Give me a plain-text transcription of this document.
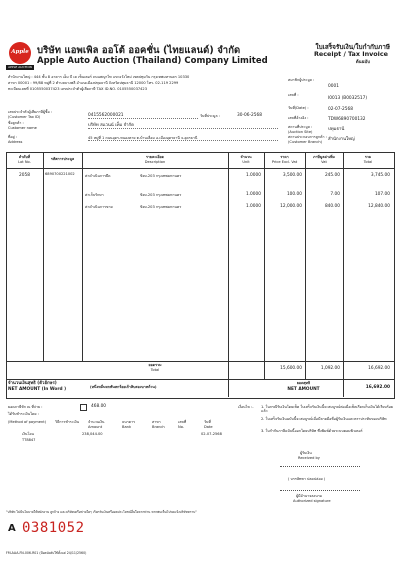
Apple
APPLE AUCTION
บริษัท แอพเพิล ออโต้ ออคชั่น (ไทยแลนด์) จำกัด
Apple Auto Auction (Thailand) Company Limited
ใบเสร็จรับเงิน/ใบกำกับภาษี
Receipt / Tax Invoice
ต้นฉบับ
สำนักงานใหญ่ : 444 ชั้น 8 อาคาร เอ็ม บี เค เซ็นเตอร์ ถนนพญาไท แขวงวังใหม่ เขตปทุมวัน กรุงเทพมหานคร 10330
สาขา 00001 : 99/88 หมู่ที่ 2 ตำบลบางพลี อำเภอเมืองปทุมธานี จังหวัดปทุมธานี 12000 โทร. 02-119 2299
ทะเบียนเลขที่ 0105550037423 เลขประจำตัวผู้เสียภาษี TAX ID.NO. 0105550037423
สมาชิกผู้ประมูล :
0001
เลขที่ :
I0013 (B0032517)
วันที่(Date) :	02-07-2568
เลขที่อ้างอิง :	TDW6890700132
สถานที่ประมูล :
(Auction Site)	ปทุมธานี
สถานประกอบการลูกค้า :
(Customer Branch) สำนักงานใหญ่
เลขประจำตัวผู้เสียภาษีผู้ซื้อ :
(Customer Tax ID)	0415562000021	วันที่ประมูล :	30-06-2568
ชื่อลูกค้า :
Customer name	บริษัท สแวนน์ เท็ม จำกัด
ที่อยู่ :
Address
45 หมู่ที่ 1 ถนนอุดร-หนองคาย ต.บ้านเลื่อม อ.เมืองอุดรธานี จ.อุดรธานี
ลำดับที่
Lot No.
รหัสการประมูล	รายละเอียด
Description
จำนวน
Unit
ราคา
Price Excl. Vat
ภาษีมูลค่าเพิ่ม
Vat
รวม
Total
2058	6890700221002	ค่าดำเนินการยึด	ขิงษ-203 กรุงเทพมหานคร	1.0000	3,500.00	245.00	3,745.00
ค่าเก็บรักษา	ขิงษ-203 กรุงเทพมหานคร	1.0000	100.00	7.00	107.00
ค่าดำเนินการขาย	ขิงษ-203 กรุงเทพมหานคร	1.0000	12,000.00	840.00	12,840.00
ยอดรวม
Total	15,600.00	1,092.00	16,692.00
จำนวนเงินสุทธิ (ตัวอักษร)
NET AMOUNT (In Word )	(หนึ่งหมื่นหกพันหกร้อยเก้าสิบสองบาทถ้วน)
ยอดสุทธิ
NET AMOUNT	16,692.00
ยอดภาษีหัก ณ ที่จ่าย :	468.00
ได้รับชำระเงินโดย :
(Method of payment) วิธีการชำระเงิน จำนวนเงิน
Amount
ธนาคาร
Bank
สาขา
Branch
เลขที่
No.
วันที่
Date
เงินโอน
TT8847
238,044.00	02-07-2568
เงื่อนไข :- 1. ในกรณีรับเงินโดยเช็ค ใบเสร็จรับเงินนี้จะสมบูรณ์ต่อเมื่อเช็คเรียกเก็บเงินได้เรียบร้อยแล้ว
2. ใบเสร็จรับเงินฉบับนี้จะสมบูรณ์เมื่อมีลายมือชื่อผู้รับเงินและตราประทับของบริษัท
3. ใบกำกับภาษีฉบับนี้ออกโดยบริษัท ซึ่งพิมพ์ด้วยระบบคอมพิวเตอร์
ผู้รับเงิน
Received by
( บรรษัทชา ปลดปล่อย )
ผู้มีอำนาจลงนาม
Authorized signature
"บริษัท ไม่มีนโยบายให้พนักงาน ลูกจ้าง และบริษัทเครือข่ายใดๆ เรียกรับเงินหรือผลประโยชน์อื่นใดจากท่าน หากพบเห็นโปรดแจ้งบริษัททราบ"
A 0381052
FM-AAA-FN-006-R01 (มีผลบังคับใช้ตั้งแต่ 24/11/2560)
